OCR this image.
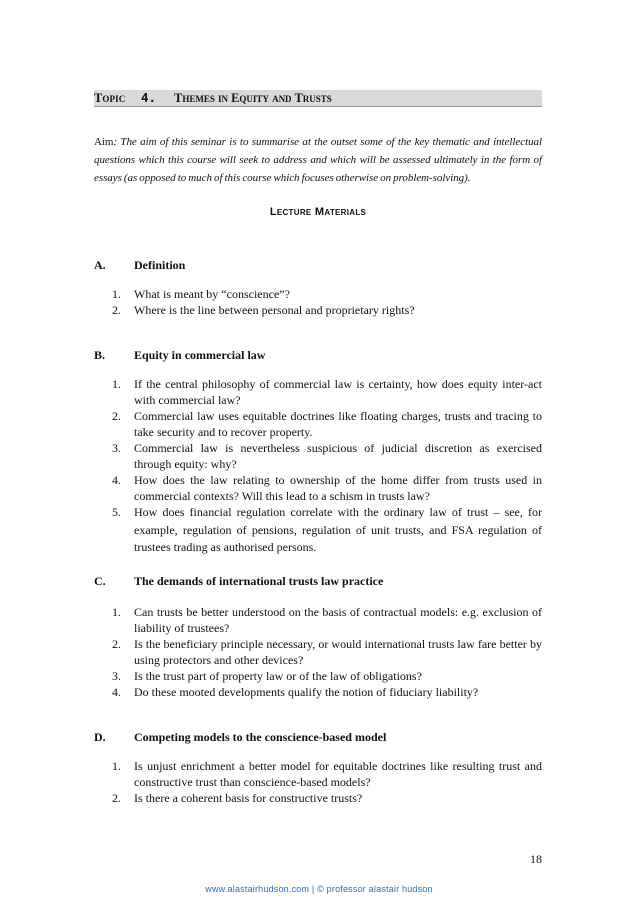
Topic 4. Themes in Equity and Trusts
Aim: The aim of this seminar is to summarise at the outset some of the key thematic and intellectual questions which this course will seek to address and which will be assessed ultimately in the form of essays (as opposed to much of this course which focuses otherwise on problem-solving).
Lecture Materials
A. Definition
1. What is meant by “conscience”?
2. Where is the line between personal and proprietary rights?
B. Equity in commercial law
1. If the central philosophy of commercial law is certainty, how does equity inter-act with commercial law?
2. Commercial law uses equitable doctrines like floating charges, trusts and tracing to take security and to recover property.
3. Commercial law is nevertheless suspicious of judicial discretion as exercised through equity: why?
4. How does the law relating to ownership of the home differ from trusts used in commercial contexts? Will this lead to a schism in trusts law?
5. How does financial regulation correlate with the ordinary law of trust – see, for example, regulation of pensions, regulation of unit trusts, and FSA regulation of trustees trading as authorised persons.
C. The demands of international trusts law practice
1. Can trusts be better understood on the basis of contractual models: e.g. exclusion of liability of trustees?
2. Is the beneficiary principle necessary, or would international trusts law fare better by using protectors and other devices?
3. Is the trust part of property law or of the law of obligations?
4. Do these mooted developments qualify the notion of fiduciary liability?
D. Competing models to the conscience-based model
1. Is unjust enrichment a better model for equitable doctrines like resulting trust and constructive trust than conscience-based models?
2. Is there a coherent basis for constructive trusts?
18
www.alastairhudson.com | © professor alastair hudson
